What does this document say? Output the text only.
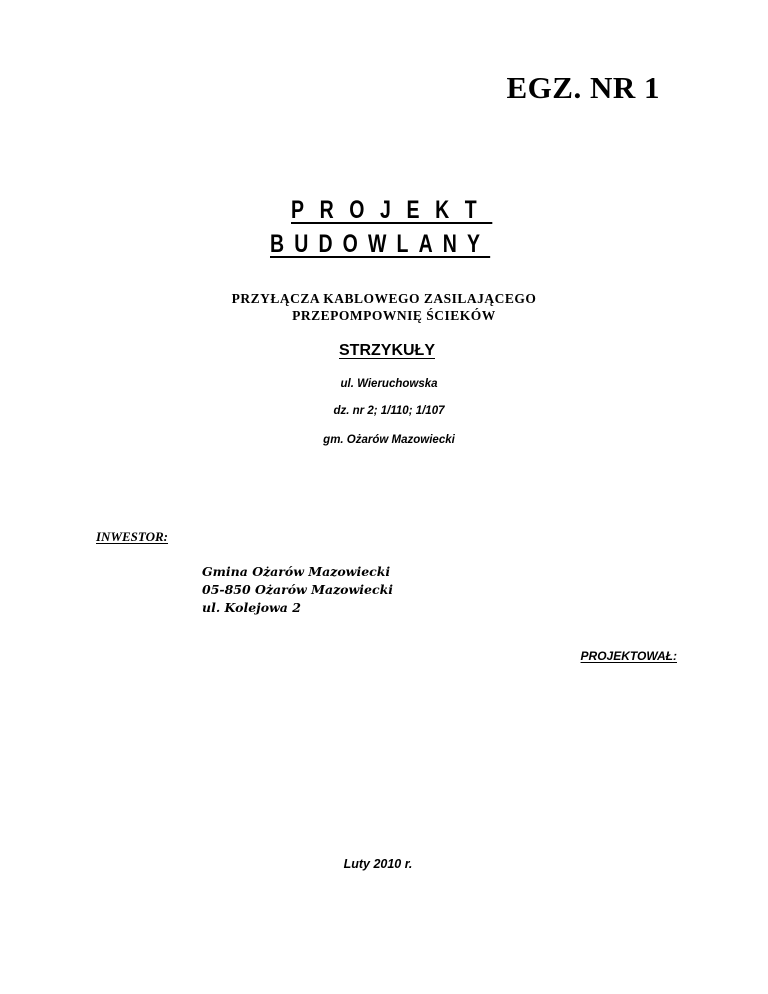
EGZ. NR 1
PROJEKT
BUDOWLANY
PRZYŁĄCZA KABLOWEGO ZASILAJĄCEGO
PRZEPOMPOWNIĘ ŚCIEKÓW
STRZYKUŁY
ul. Wieruchowska
dz. nr 2; 1/110; 1/107
gm. Ożarów Mazowiecki
INWESTOR:
Gmina Ożarów Mazowiecki
05-850 Ożarów Mazowiecki
ul. Kolejowa 2
PROJEKTOWAŁ:
Luty 2010 r.
